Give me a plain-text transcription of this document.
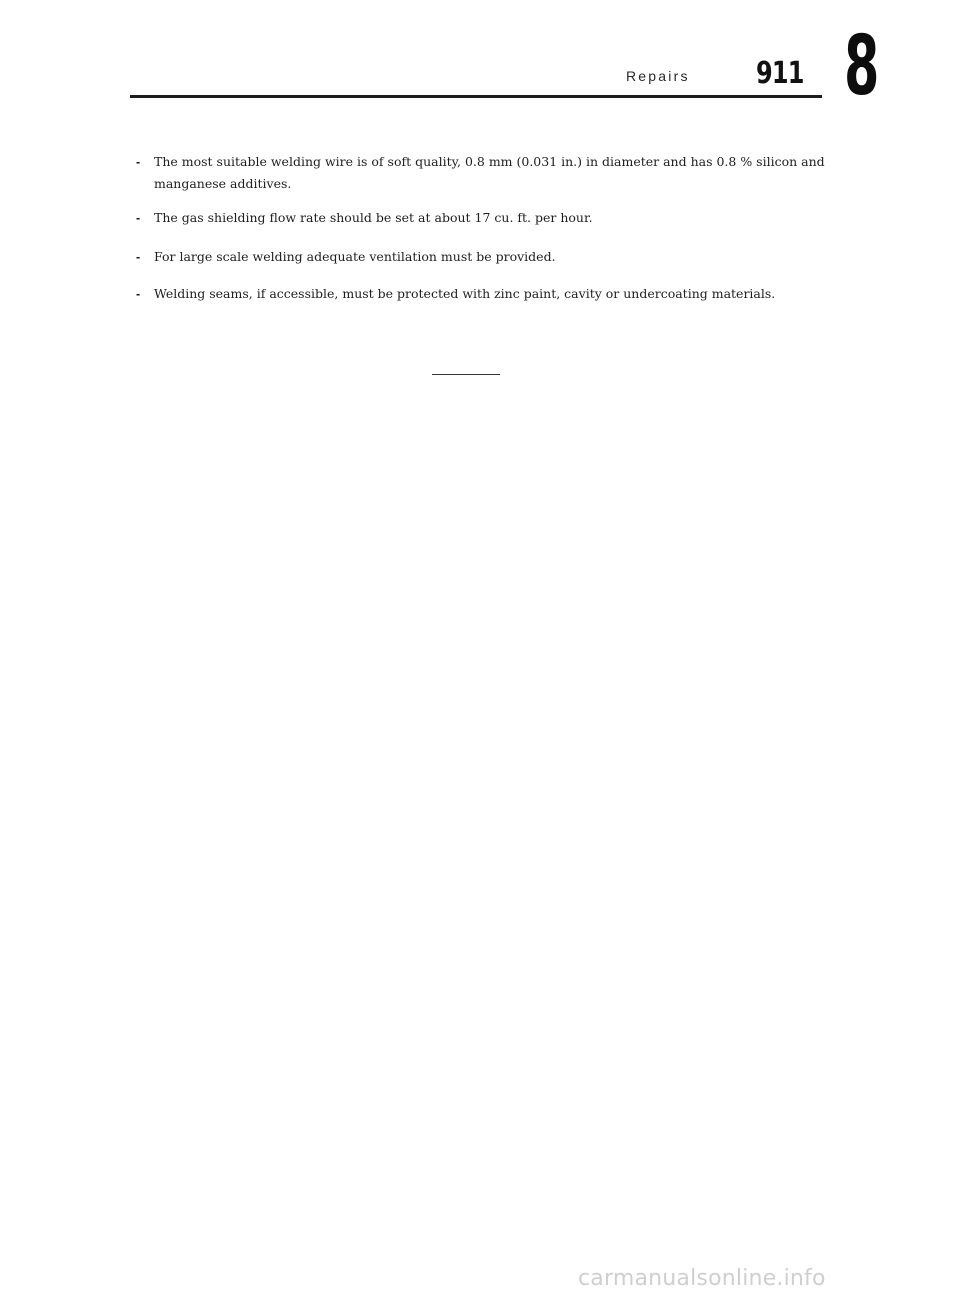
Repairs 911 8
-	The most suitable welding wire is of soft quality, 0.8 mm (0.031 in.) in diameter and has 0.8 % silicon and manganese additives.
-	The gas shielding flow rate should be set at about 17 cu. ft. per hour.
-	For large scale welding adequate ventilation must be provided.
-	Welding seams, if accessible, must be protected with zinc paint, cavity or undercoating materials.
carmanualsonline.info
